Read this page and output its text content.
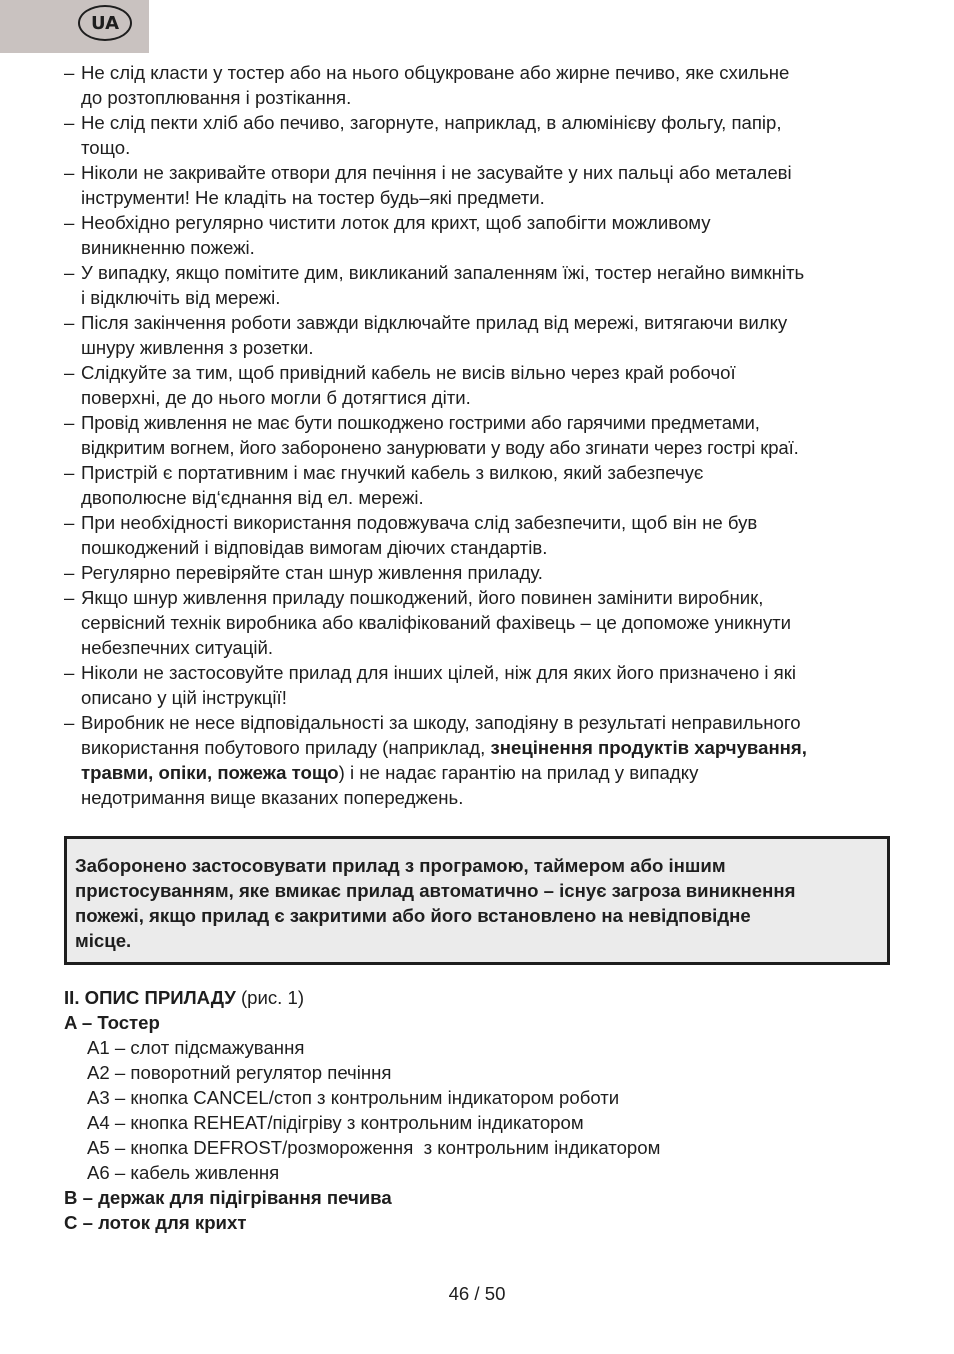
UA
– Не слід класти у тостер або на нього обцукроване або жирне печиво, яке схильне
до розтоплювання і розтікання.
– Не слід пекти хліб або печиво, загорнуте, наприклад, в алюмінієву фольгу, папір,
тощо.
– Ніколи не закривайте отвори для печіння і не засувайте у них пальці або металеві
інструменти! Не кладіть на тостер будь–які предмети.
– Необхідно регулярно чистити лоток для крихт, щоб запобігти можливому
виникненню пожежі.
– У випадку, якщо помітите дим, викликаний запаленням їжі, тостер негайно вимкніть
і відключіть від мережі.
– Після закінчення роботи завжди відключайте прилад від мережі, витягаючи вилку
шнуру живлення з розетки.
– Слідкуйте за тим, щоб привідний кабель не висів вільно через край робочої
поверхні, де до нього могли б дотягтися діти.
– Провід живлення не має бути пошкоджено гострими або гарячими предметами,
відкритим вогнем, його заборонено занурювати у воду або згинати через гострі краї.
– Пристрій є портативним і має гнучкий кабель з вилкою, який забезпечує
двополюсне від‘єднання від ел. мережі.
– При необхідності використання подовжувача слід забезпечити, щоб він не був
пошкоджений і відповідав вимогам діючих стандартів.
– Регулярно перевіряйте стан шнур живлення приладу.
– Якщо шнур живлення приладу пошкоджений, його повинен замінити виробник,
сервісний технік виробника або кваліфікований фахівець – це допоможе уникнути
небезпечних ситуацій.
– Ніколи не застосовуйте прилад для інших цілей, ніж для яких його призначено і які
описано у цій інструкції!
– Виробник не несе відповідальності за шкоду, заподіяну в результаті неправильного
використання побутового приладу (наприклад, знецінення продуктів харчування,
травми, опіки, пожежа тощо) і не надає гарантію на прилад у випадку
недотримання вище вказаних попереджень.
Заборонено застосовувати прилад з програмою, таймером або іншим
пристосуванням, яке вмикає прилад автоматично – існує загроза виникнення
пожежі, якщо прилад є закритими або його встановлено на невідповідне
місце.
II. ОПИС ПРИЛАДУ (рис. 1)
A – Тостер
A1 – слот підсмажування
A2 – поворотний регулятор печіння
A3 – кнопка CANCEL/стоп з контрольним індикатором роботи
A4 – кнопка REHEAT/підігріву з контрольним індикатором
A5 – кнопка DEFROST/розмороження  з контрольним індикатором
A6 – кабель живлення
B – держак для підігрівання печива
C – лоток для крихт
46 / 50
